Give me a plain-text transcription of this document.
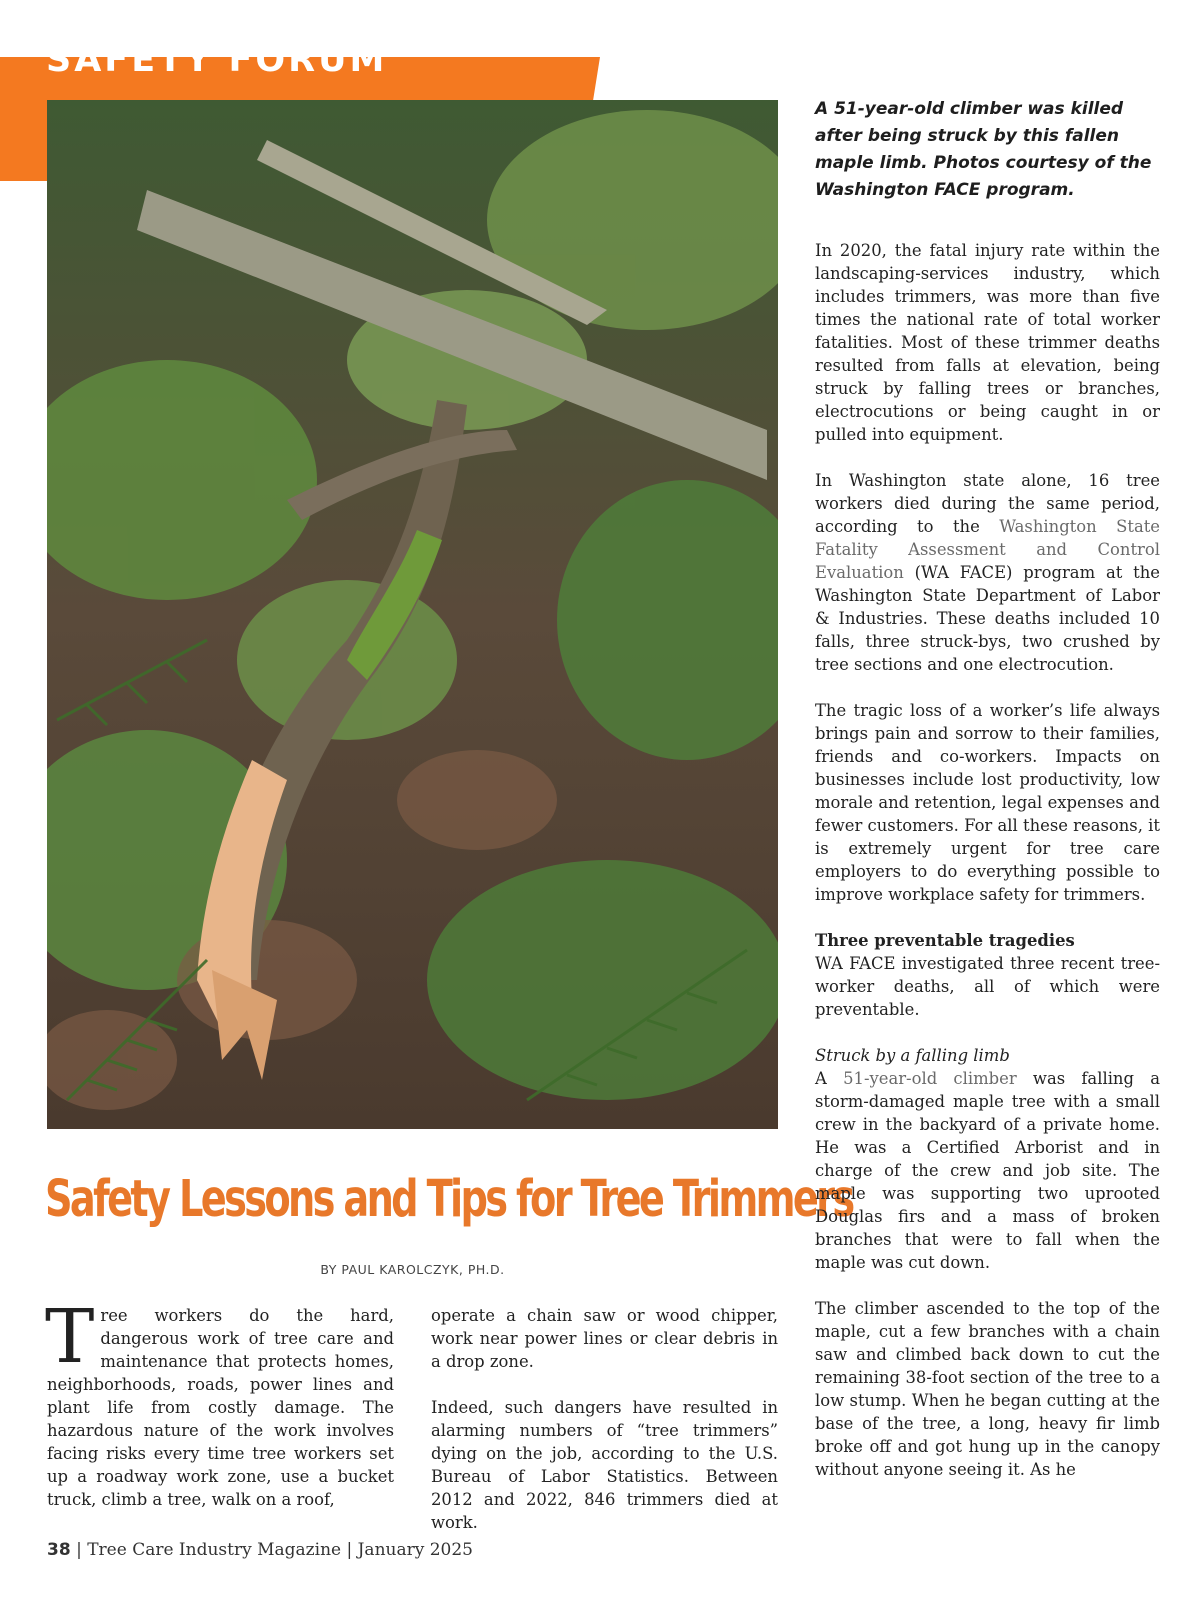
SAFETY FORUM
A 51-year-old climber was killed after being struck by this fallen maple limb. Photos courtesy of the Washington FACE program.
Safety Lessons and Tips for Tree Trimmers
BY PAUL KAROLCZYK, PH.D.

Tree workers do the hard, dangerous work of tree care and maintenance that protects homes, neighborhoods, roads, power lines and plant life from costly damage. The hazardous nature of the work involves facing risks every time tree workers set up a roadway work zone, use a bucket truck, climb a tree, walk on a roof,

operate a chain saw or wood chipper, work near power lines or clear debris in a drop zone.

Indeed, such dangers have resulted in alarming numbers of “tree trimmers” dying on the job, according to the U.S. Bureau of Labor Statistics. Between 2012 and 2022, 846 trimmers died at work.

In 2020, the fatal injury rate within the landscaping-services industry, which includes trimmers, was more than five times the national rate of total worker fatalities. Most of these trimmer deaths resulted from falls at elevation, being struck by falling trees or branches, electrocutions or being caught in or pulled into equipment.

In Washington state alone, 16 tree workers died during the same period, according to the Washington State Fatality Assessment and Control Evaluation (WA FACE) program at the Washington State Department of Labor & Industries. These deaths included 10 falls, three struck-bys, two crushed by tree sections and one electrocution.

The tragic loss of a worker’s life always brings pain and sorrow to their families, friends and co-workers. Impacts on businesses include lost productivity, low morale and retention, legal expenses and fewer customers. For all these reasons, it is extremely urgent for tree care employers to do everything possible to improve workplace safety for trimmers.

Three preventable tragedies
WA FACE investigated three recent tree-worker deaths, all of which were preventable.

Struck by a falling limb
A 51-year-old climber was falling a storm-damaged maple tree with a small crew in the backyard of a private home. He was a Certified Arborist and in charge of the crew and job site. The maple was supporting two uprooted Douglas firs and a mass of broken branches that were to fall when the maple was cut down.

The climber ascended to the top of the maple, cut a few branches with a chain saw and climbed back down to cut the remaining 38-foot section of the tree to a low stump. When he began cutting at the base of the tree, a long, heavy fir limb broke off and got hung up in the canopy without anyone seeing it. As he

38 | Tree Care Industry Magazine | January 2025
